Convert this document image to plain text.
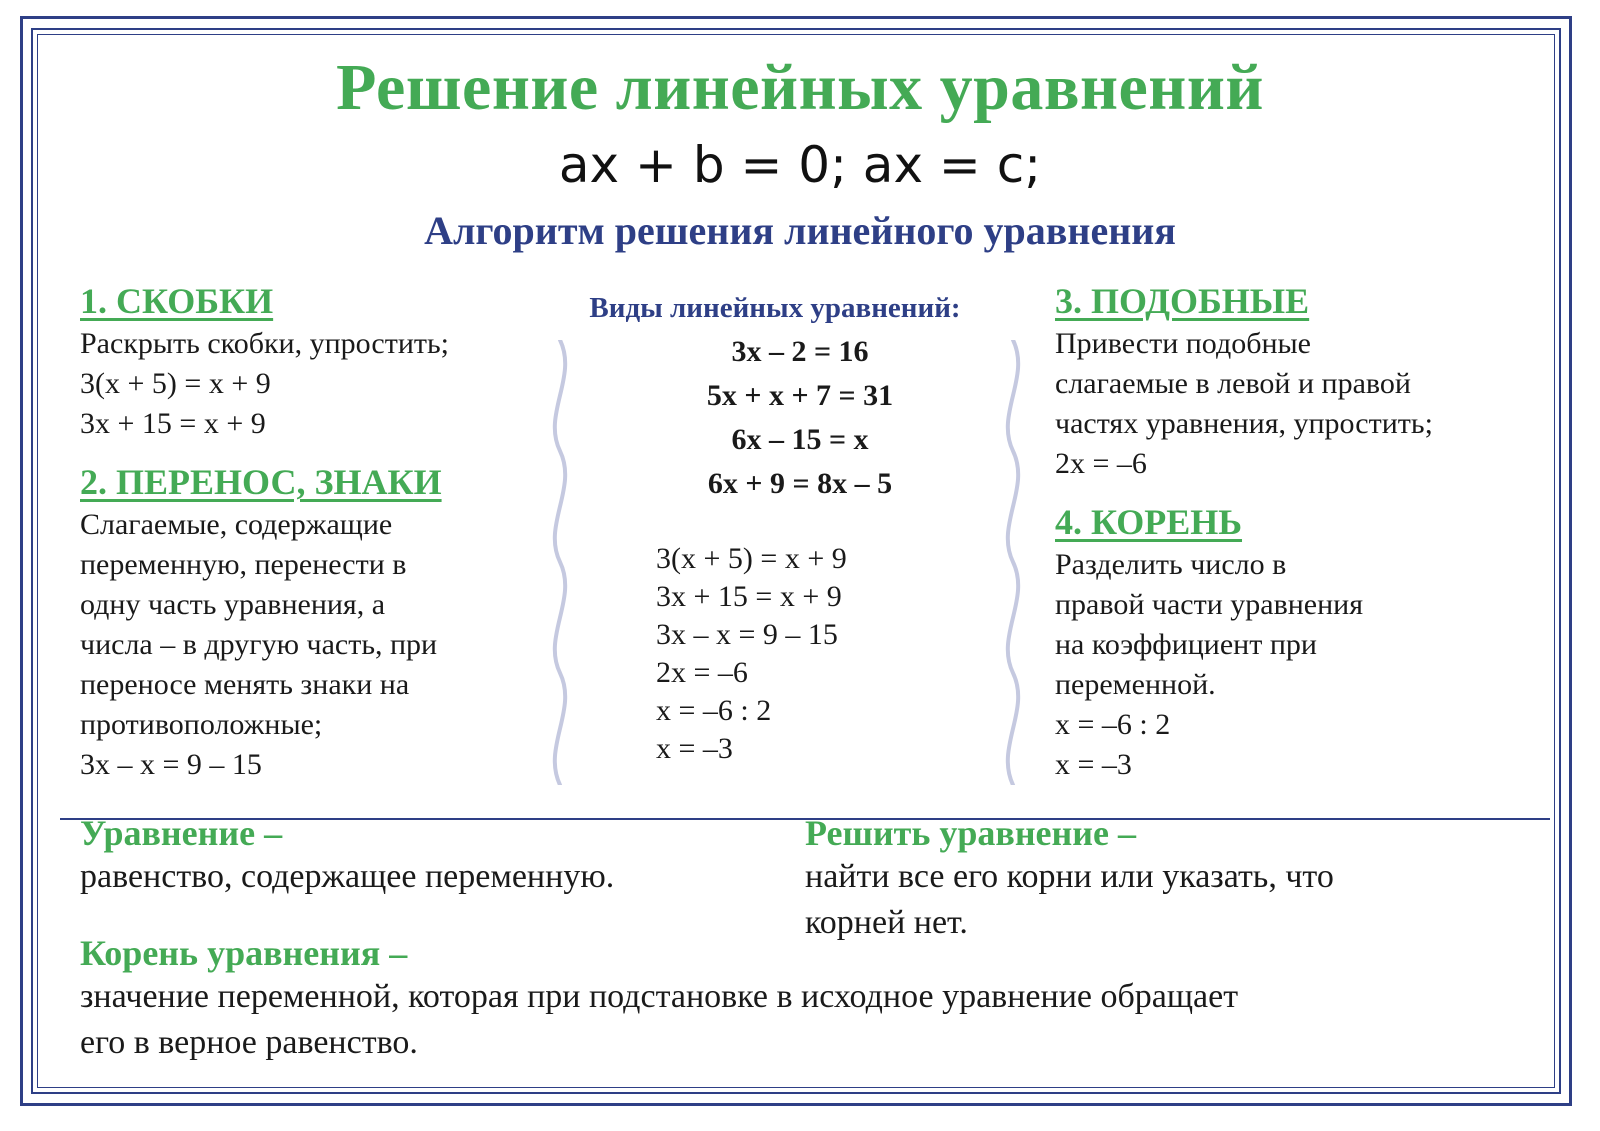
Решение линейных уравнений
ax + b = 0; ax = c;
Алгоритм решения линейного уравнения
1. СКОБКИ
Раскрыть скобки, упростить;
3(x + 5) = x + 9
3x + 15 = x + 9
2. ПЕРЕНОС, ЗНАКИ
Слагаемые, содержащие
переменную, перенести в
одну часть уравнения, а
числа – в другую часть, при
переносе менять знаки на
противоположные;
3x – x = 9 – 15
Виды линейных уравнений:
3x – 2 = 16
5x + x + 7 = 31
6x – 15 = x
6x + 9 = 8x – 5
3(x + 5) = x + 9
3x + 15 = x + 9
3x – x = 9 – 15
2x = –6
x = –6 : 2
x = –3
3. ПОДОБНЫЕ
Привести подобные
слагаемые в левой и правой
частях уравнения, упростить;
2x = –6
4. КОРЕНЬ
Разделить число в
правой части уравнения
на коэффициент при
переменной.
x = –6 : 2
x = –3
Уравнение –
равенство, содержащее переменную.
Решить уравнение –
найти все его корни или указать, что
корней нет.
Корень уравнения –
значение переменной, которая при подстановке в исходное уравнение обращает
его в верное равенство.
